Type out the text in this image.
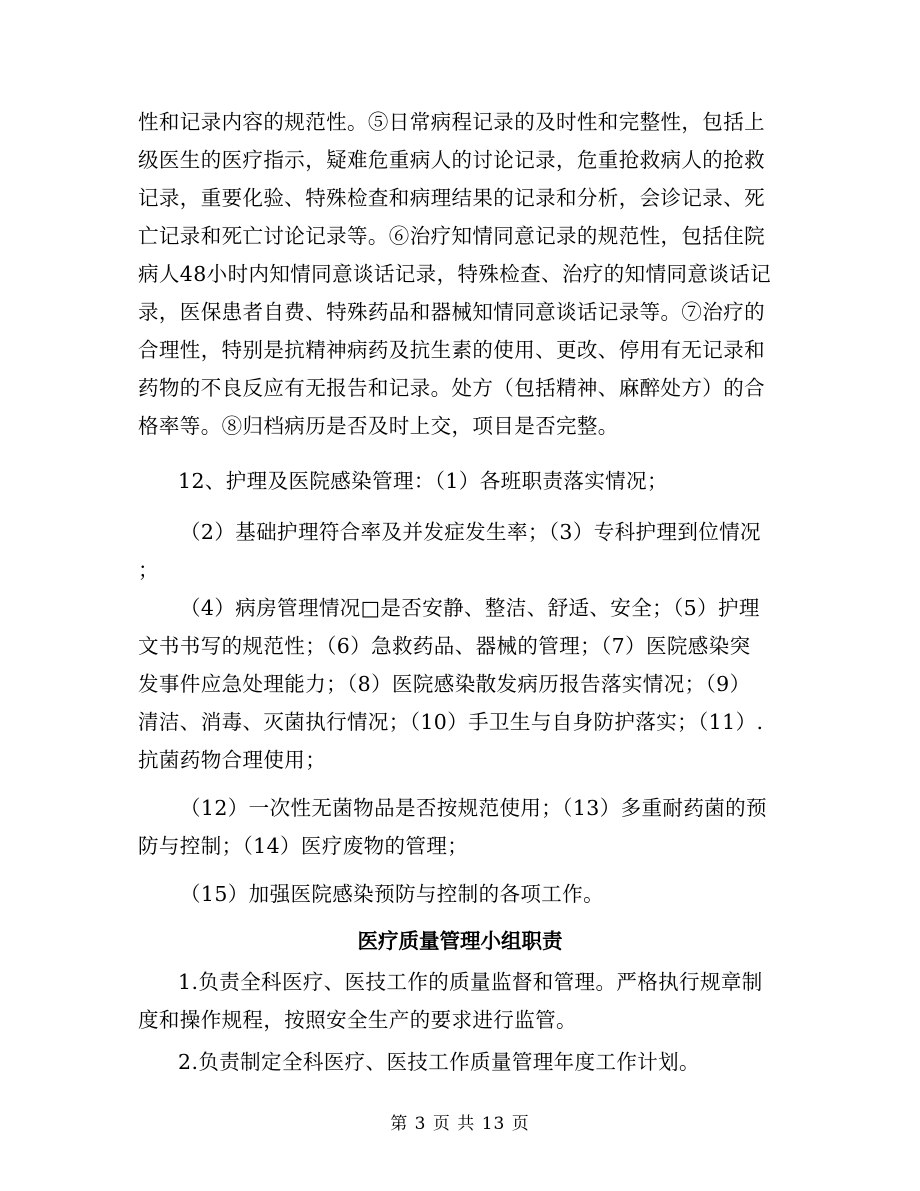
性和记录内容的规范性。⑤日常病程记录的及时性和完整性，包括上
级医生的医疗指示，疑难危重病人的讨论记录，危重抢救病人的抢救
记录，重要化验、特殊检查和病理结果的记录和分析，会诊记录、死
亡记录和死亡讨论记录等。⑥治疗知情同意记录的规范性，包括住院
病人48小时内知情同意谈话记录，特殊检查、治疗的知情同意谈话记
录，医保患者自费、特殊药品和器械知情同意谈话记录等。⑦治疗的
合理性，特别是抗精神病药及抗生素的使用、更改、停用有无记录和
药物的不良反应有无报告和记录。处方（包括精神、麻醉处方）的合
格率等。⑧归档病历是否及时上交，项目是否完整。
12、护理及医院感染管理：（1）各班职责落实情况；
（2）基础护理符合率及并发症发生率；（3）专科护理到位情况
；
（4）病房管理情况□是否安静、整洁、舒适、安全；（5）护理
文书书写的规范性；（6）急救药品、器械的管理；（7）医院感染突
发事件应急处理能力；（8）医院感染散发病历报告落实情况；（9）
清洁、消毒、灭菌执行情况；（10）手卫生与自身防护落实；（11）.
抗菌药物合理使用；
（12）一次性无菌物品是否按规范使用；（13）多重耐药菌的预
防与控制；（14）医疗废物的管理；
（15）加强医院感染预防与控制的各项工作。
医疗质量管理小组职责
1.负责全科医疗、医技工作的质量监督和管理。严格执行规章制
度和操作规程，按照安全生产的要求进行监管。
2.负责制定全科医疗、医技工作质量管理年度工作计划。
第 3 页 共 13 页
